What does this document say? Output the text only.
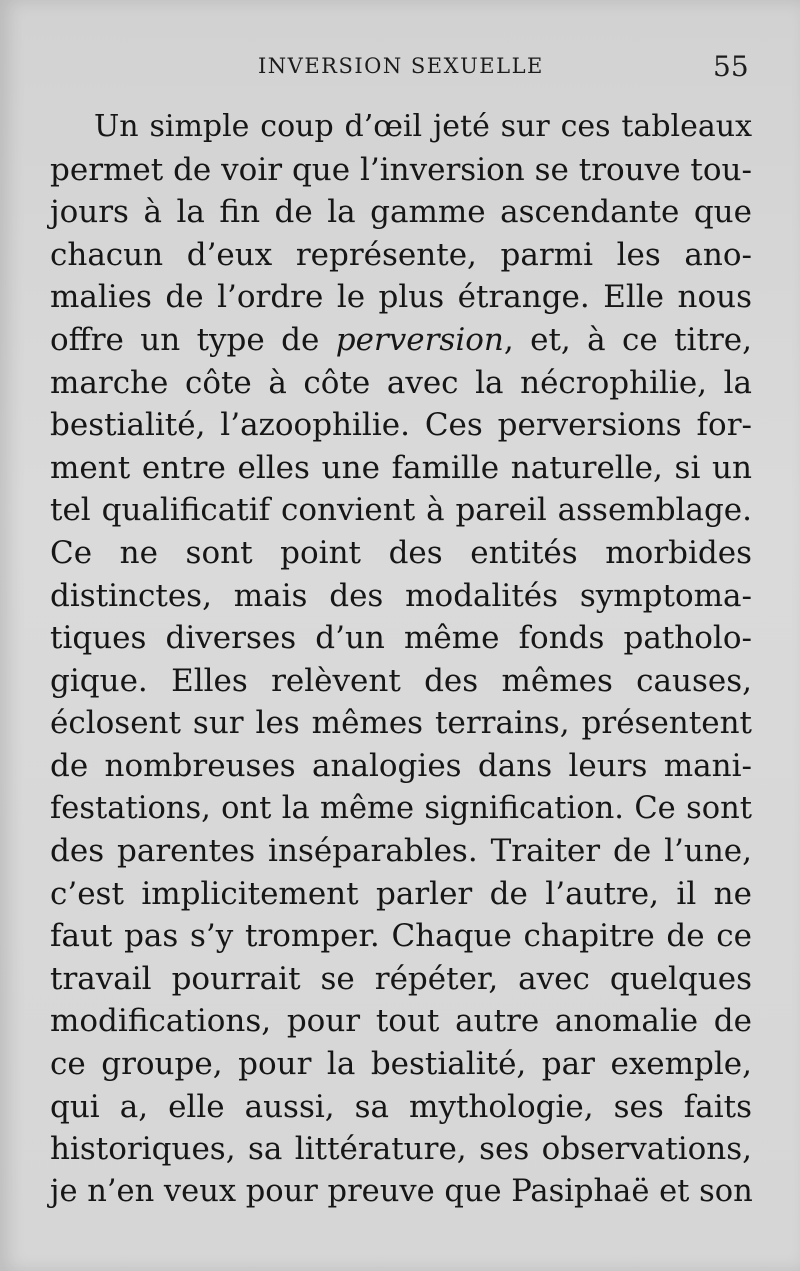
INVERSION SEXUELLE	55
Un simple coup d’œil jeté sur ces tableaux
permet de voir que l’inversion se trouve tou-
jours à la fin de la gamme ascendante que
chacun d’eux représente, parmi les ano-
malies de l’ordre le plus étrange. Elle nous
offre un type de perversion, et, à ce titre,
marche côte à côte avec la nécrophilie, la
bestialité, l’azoophilie. Ces perversions for-
ment entre elles une famille naturelle, si un
tel qualificatif convient à pareil assemblage.
Ce ne sont point des entités morbides
distinctes, mais des modalités symptoma-
tiques diverses d’un même fonds patholo-
gique. Elles relèvent des mêmes causes,
éclosent sur les mêmes terrains, présentent
de nombreuses analogies dans leurs mani-
festations, ont la même signification. Ce sont
des parentes inséparables. Traiter de l’une,
c’est implicitement parler de l’autre, il ne
faut pas s’y tromper. Chaque chapitre de ce
travail pourrait se répéter, avec quelques
modifications, pour tout autre anomalie de
ce groupe, pour la bestialité, par exemple,
qui a, elle aussi, sa mythologie, ses faits
historiques, sa littérature, ses observations,
je n’en veux pour preuve que Pasiphaë et son
